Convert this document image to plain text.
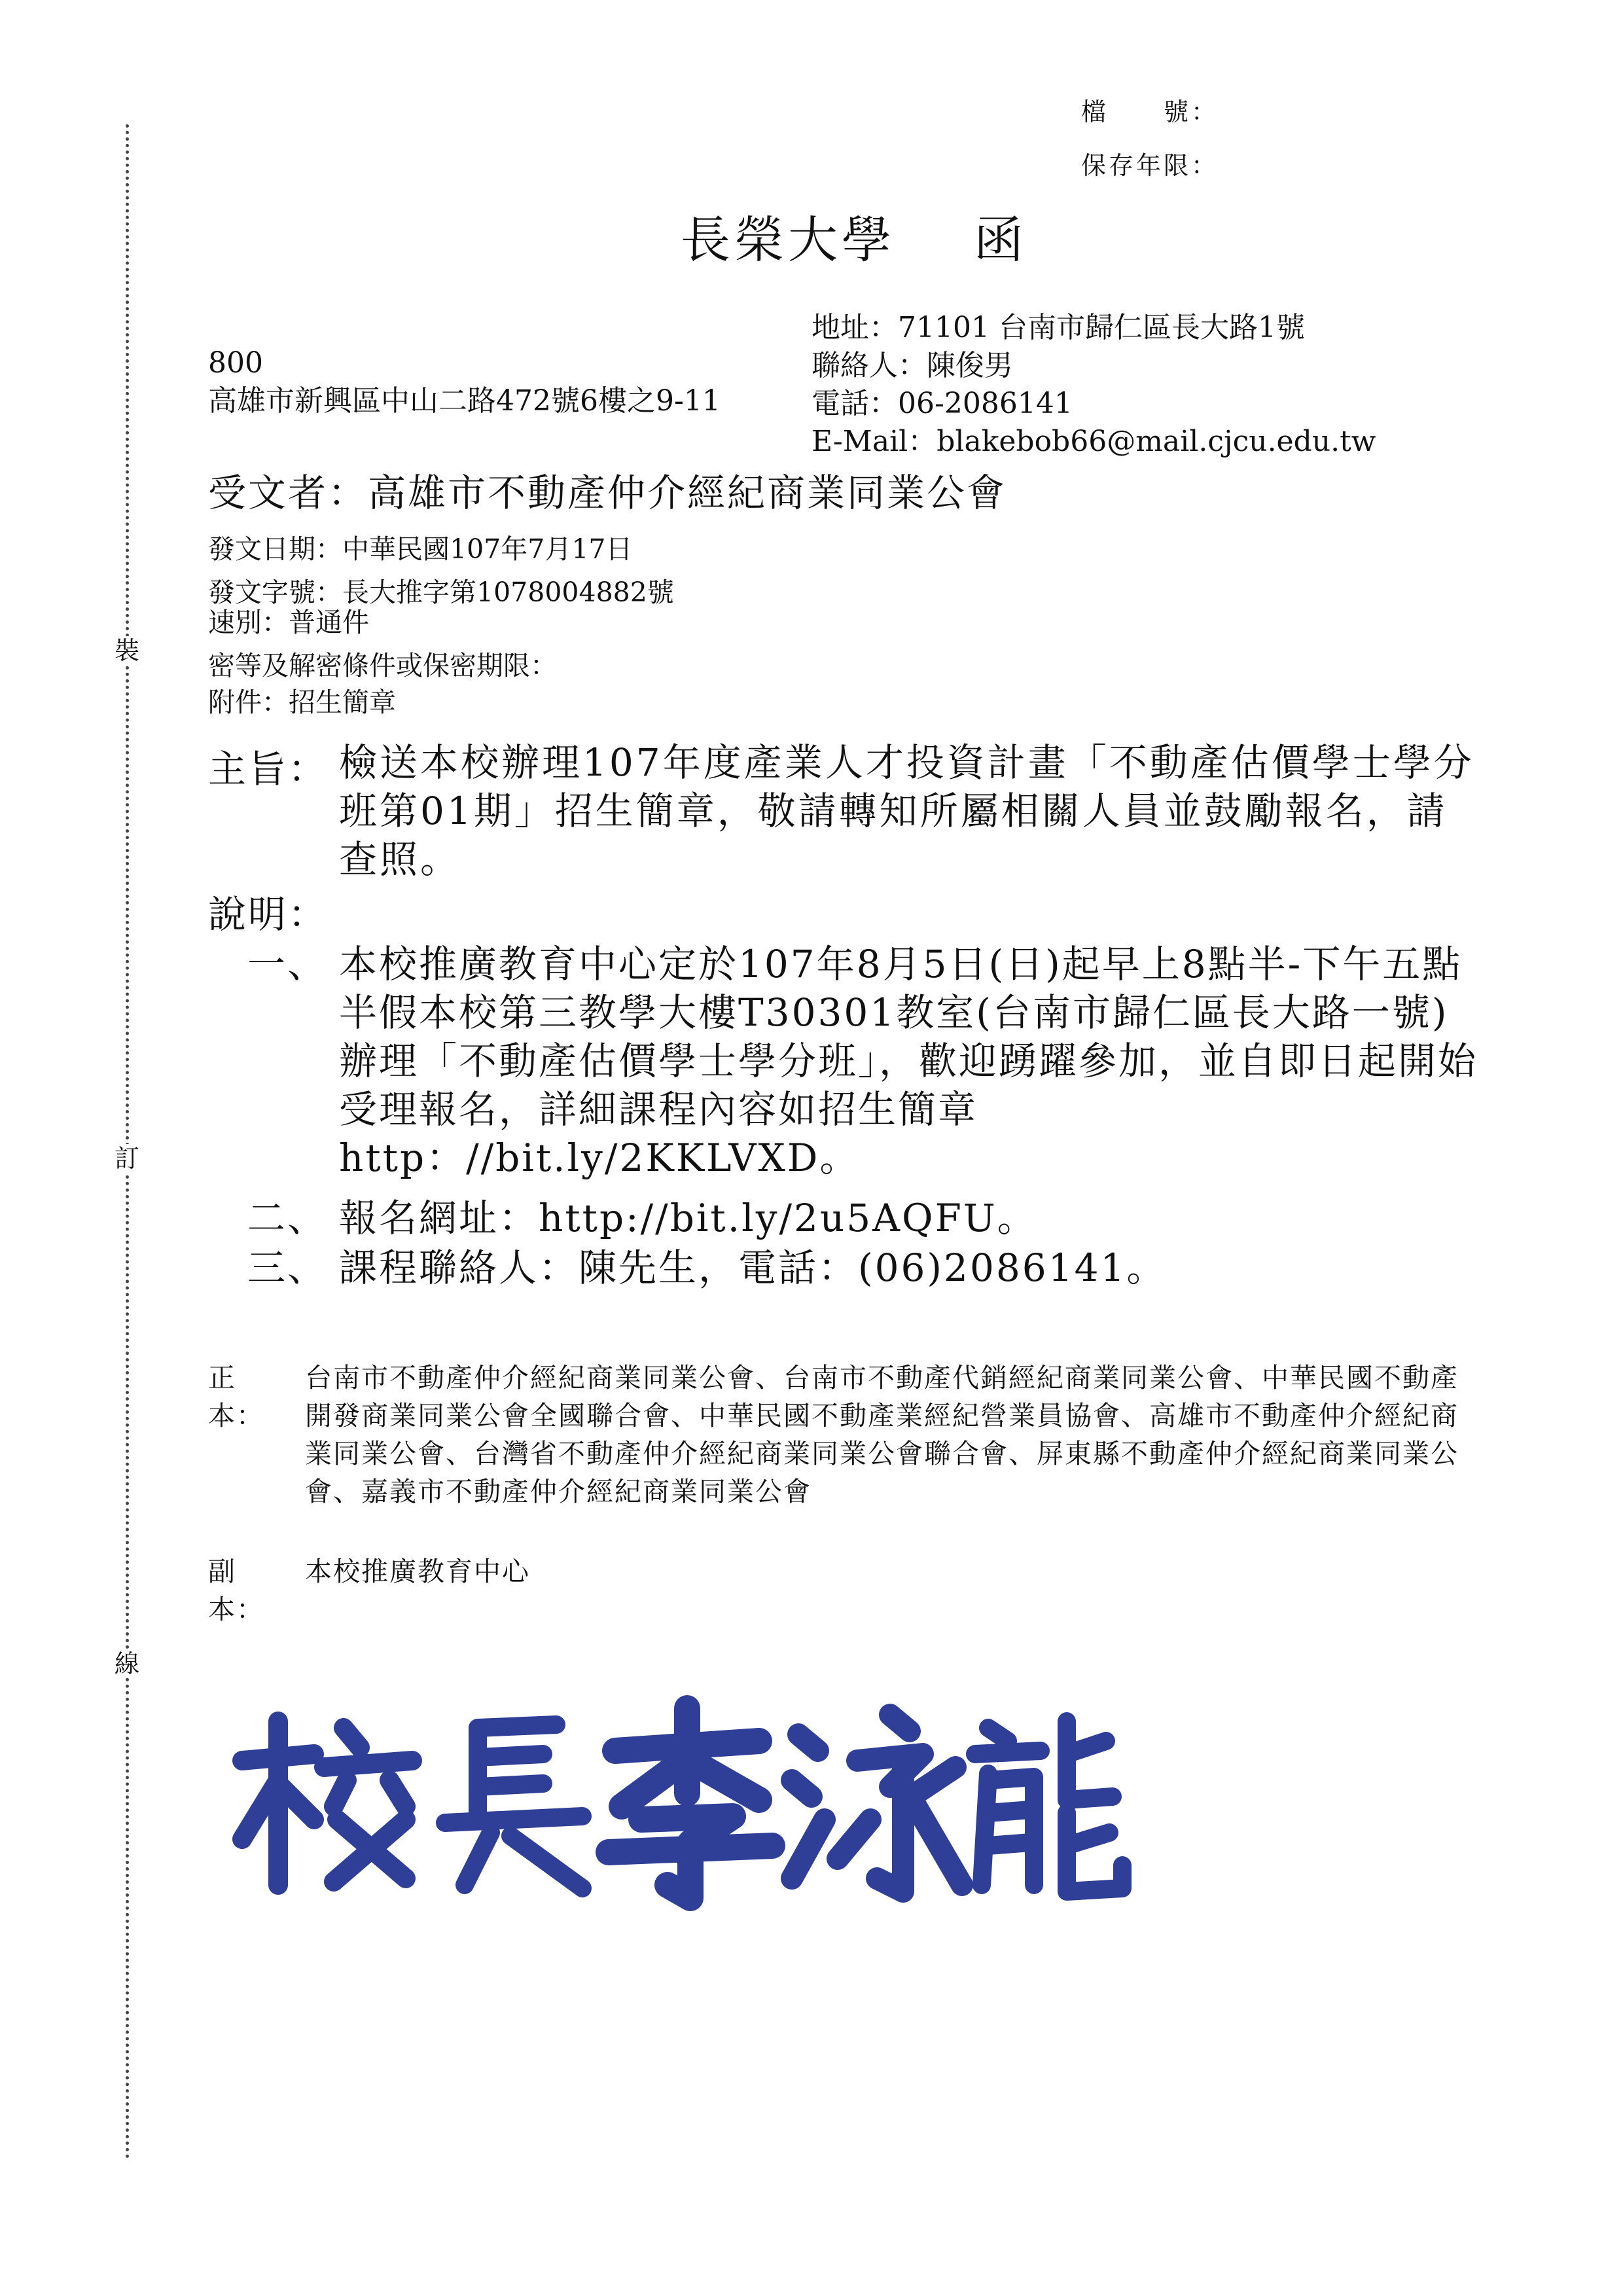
裝
訂
線
檔　　號：
保存年限：
長榮大學 函
800
高雄市新興區中山二路472號6樓之9-11
地址：71101 台南市歸仁區長大路1號
聯絡人：陳俊男
電話：06-2086141
E-Mail：blakebob66@mail.cjcu.edu.tw
受文者：高雄市不動產仲介經紀商業同業公會
發文日期：中華民國107年7月17日
發文字號：長大推字第1078004882號
速別：普通件
密等及解密條件或保密期限：
附件：招生簡章
主旨： 檢送本校辦理107年度產業人才投資計畫「不動產估價學士學分班第01期」招生簡章，敬請轉知所屬相關人員並鼓勵報名，請查照。
說明：
一、 本校推廣教育中心定於107年8月5日(日)起早上8點半-下午五點半假本校第三教學大樓T30301教室(台南市歸仁區長大路一號)辦理「不動產估價學士學分班」，歡迎踴躍參加，並自即日起開始受理報名，詳細課程內容如招生簡章http：//bit.ly/2KKLVXD。
二、 報名網址：http://bit.ly/2u5AQFU。
三、 課程聯絡人：陳先生，電話：(06)2086141。
正本：
台南市不動產仲介經紀商業同業公會、台南市不動產代銷經紀商業同業公會、中華民國不動產開發商業同業公會全國聯合會、中華民國不動產業經紀營業員協會、高雄市不動產仲介經紀商業同業公會、台灣省不動產仲介經紀商業同業公會聯合會、屏東縣不動產仲介經紀商業同業公會、嘉義市不動產仲介經紀商業同業公會
副本：
本校推廣教育中心
